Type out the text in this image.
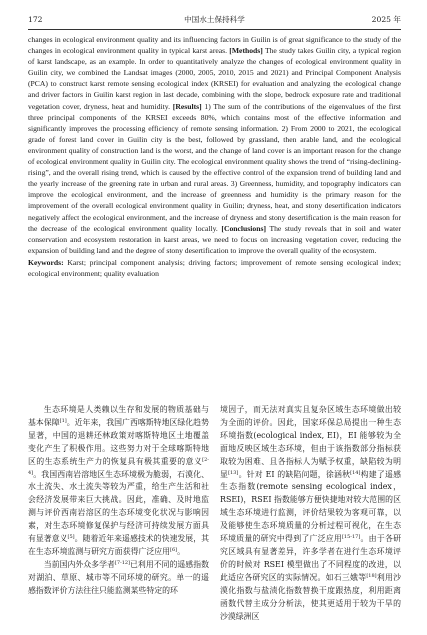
172	中国水土保持科学	2025 年

changes in ecological environment quality and its influencing factors in Guilin is of great significance to the study of the changes in ecological environment quality in typical karst areas. [Methods] The study takes Guilin city, a typical region of karst landscape, as an example. In order to quantitatively analyze the changes of ecological environment quality in Guilin city, we combined the Landsat images (2000, 2005, 2010, 2015 and 2021) and Principal Component Analysis (PCA) to construct karst remote sensing ecological index (KRSEI) for evaluation and analyzing the ecological change and driver factors in Guilin karst region in last decade, combining with the slope, bedrock exposure rate and traditional vegetation cover, dryness, heat and humidity. [Results] 1) The sum of the contributions of the eigenvalues of the first three principal components of the KRSEI exceeds 80%, which contains most of the effective information and significantly improves the processing efficiency of remote sensing information. 2) From 2000 to 2021, the ecological grade of forest land cover in Guilin city is the best, followed by grassland, then arable land, and the ecological environment quality of construction land is the worst, and the change of land cover is an important reason for the change of ecological environment quality in Guilin city. The ecological environment quality shows the trend of “rising-declining-rising”, and the overall rising trend, which is caused by the effective control of the expansion trend of building land and the yearly increase of the greening rate in urban and rural areas. 3) Greenness, humidity, and topography indicators can improve the ecological environment, and the increase of greenness and humidity is the primary reason for the improvement of the overall ecological environment quality in Guilin; dryness, heat, and stony desertification indicators negatively affect the ecological environment, and the increase of dryness and stony desertification is the main reason for the decrease of the ecological environment quality locally. [Conclusions] The study reveals that in soil and water conservation and ecosystem restoration in karst areas, we need to focus on increasing vegetation cover, reducing the expansion of building land and the degree of stony desertification to improve the overall quality of the ecosystem.

Keywords: Karst; principal component analysis; driving factors; improvement of remote sensing ecological index; ecological environment; quality evaluation

生态环境是人类赖以生存和发展的物质基础与基本保障[1]。近年来，我国广西喀斯特地区绿化趋势显著，中国的退耕还林政策对喀斯特地区土地覆盖变化产生了积极作用。这些努力对于全球喀斯特地区的生态系统生产力的恢复具有极其重要的意义[2-4]。我国西南岩溶地区生态环境极为脆弱，石漠化、水土流失、水土流失等较为严重，给生产生活和社会经济发展带来巨大挑战。因此，准确、及时地监测与评价西南岩溶区的生态环境变化状况与影响因素，对生态环境修复保护与经济可持续发展方面具有显著意义[5]。随着近年来遥感技术的快速发展，其在生态环境监测与研究方面获得广泛应用[6]。

当前国内外众多学者[7-12]已利用不同的遥感指数对湖泊、草原、城市等不同环境的研究。单一的遥感指数评价方法往往只能监测某些特定的环

境因子，而无法对真实且复杂区域生态环境做出较为全面的评价。因此，国家环保总局提出一种生态环境指数(ecological index, EI)，EI 能够较为全面地反映区域生态环境，但由于该指数部分指标获取较为困难、且各指标人为赋予权重，缺陷较为明显[13]。针对 EI 的缺陷问题，徐涵秋[14]构建了遥感生态指数(remote sensing ecological index，RSEI)，RSEI 指数能够方便快捷地对较大范围的区域生态环境进行监测，评价结果较为客观可靠，以及能够使生态环境质量的分析过程可视化，在生态环境质量的研究中得到了广泛应用[15-17]。由于各研究区域具有显著差异，许多学者在进行生态环境评价的时候对 RSEI 模型做出了不同程度的改进，以此适应各研究区的实际情况。如石三娥等[18]利用沙漠化指数与盐渍化指数替换干度跟热度，利用距离函数代替主成分分析法，使其更适用于较为干旱的沙漠绿洲区
